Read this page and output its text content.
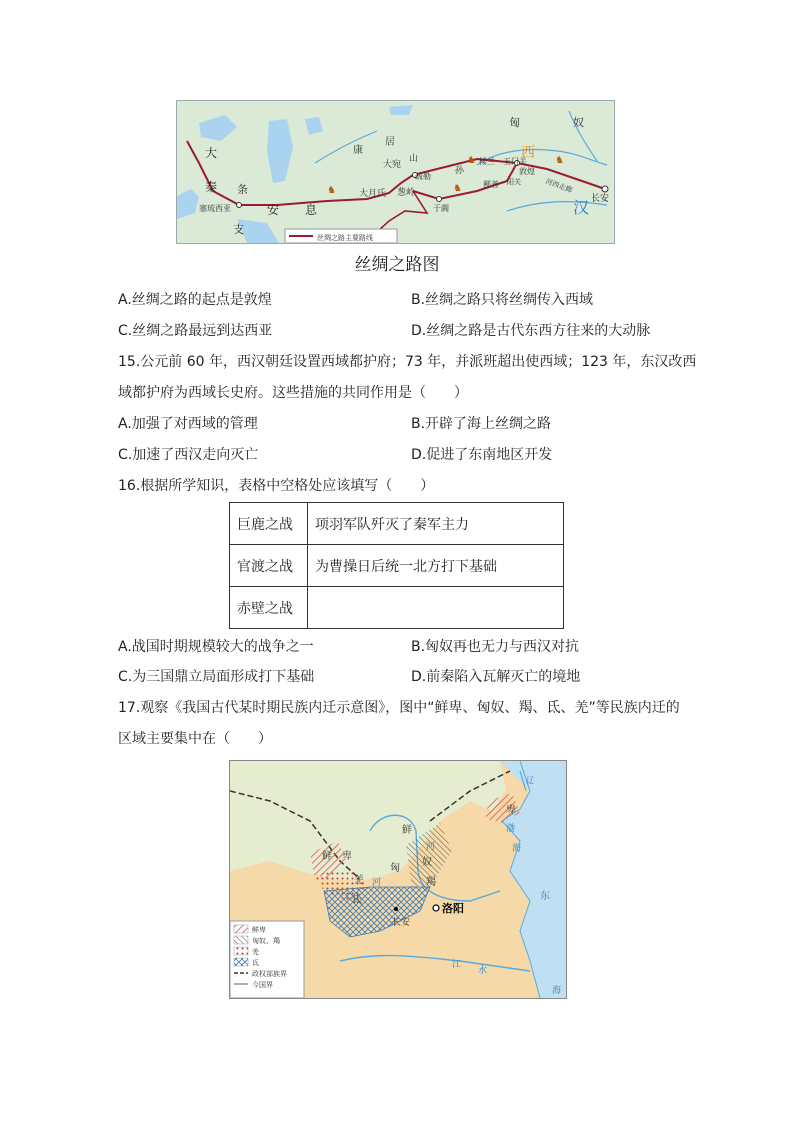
匈	奴
大
秦 条
安 息
支
塞琉西亚
康
居
孙
山
大宛
大月氏
疏勒
葱岭
楼兰 玉门关
敦煌
阳关
鄯善	河西走廊
于阗
长安
西
汉
♞	♞
♞	♞
丝绸之路主要路线
丝绸之路图
A.丝绸之路的起点是敦煌	B.丝绸之路只将丝绸传入西域
C.丝绸之路最远到达西亚	D.丝绸之路是古代东西方往来的大动脉
15.公元前 60 年，西汉朝廷设置西域都护府；73 年，并派班超出使西域；123 年，东汉改西
域都护府为西域长史府。这些措施的共同作用是（　　）
A.加强了对西域的管理	B.开辟了海上丝绸之路
C.加速了西汉走向灭亡	D.促进了东南地区开发
16.根据所学知识，表格中空格处应该填写（　　）
巨鹿之战	项羽军队歼灭了秦军主力
官渡之战	为曹操日后统一北方打下基础
赤壁之战	
A.战国时期规模较大的战争之一	B.匈奴再也无力与西汉对抗
C.为三国鼎立局面形成打下基础	D.前秦陷入瓦解灭亡的境地
17.观察《我国古代某时期民族内迁示意图》，图中“鲜卑、匈奴、羯、氐、羌”等民族内迁的
区域主要集中在（　　）
鲜
卑
鲜 卑
匈
奴
羯
羌
氐
洛阳
长安
河
河
渤
海
东
海
江
水
辽
鲜卑
匈奴、羯
羌
氐
政权部族界
今国界
